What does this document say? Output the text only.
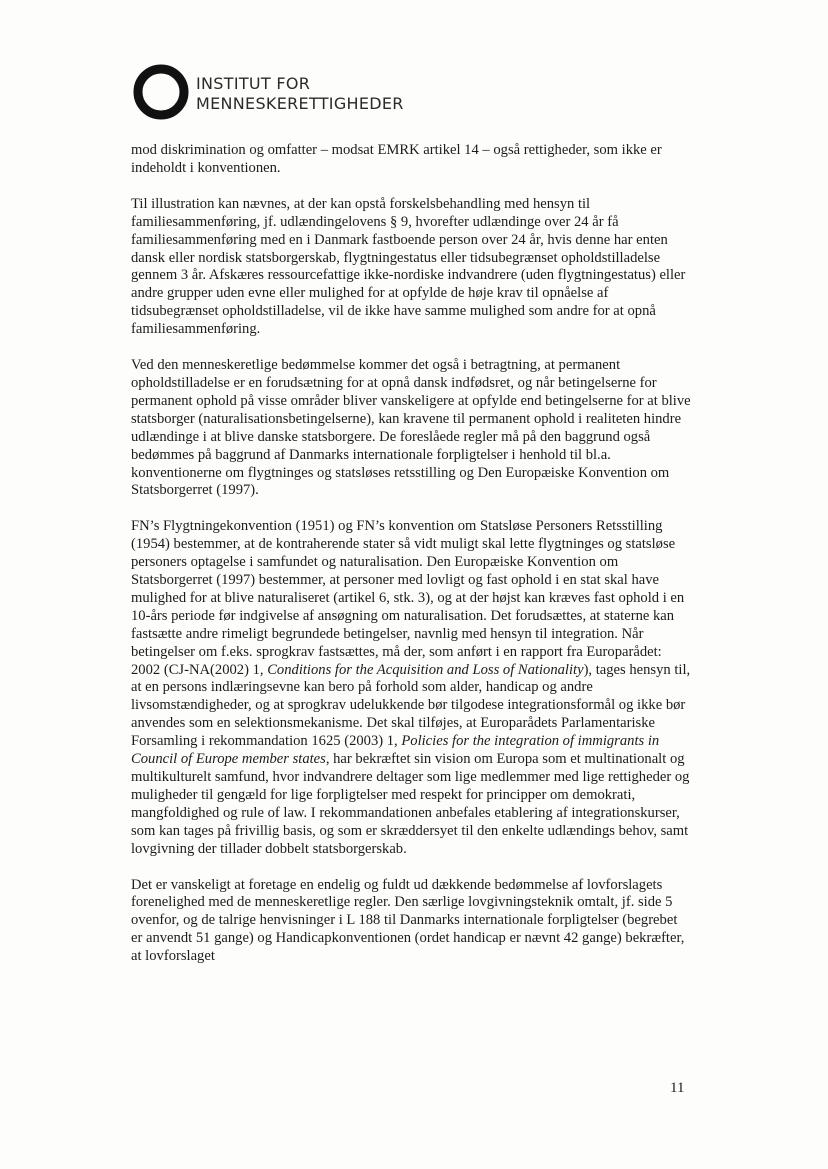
INSTITUT FOR
MENNESKERETTIGHEDER

mod diskrimination og omfatter – modsat EMRK artikel 14 – også rettigheder, som ikke er indeholdt i konventionen.

Til illustration kan nævnes, at der kan opstå forskelsbehandling med hensyn til familiesammenføring, jf. udlændingelovens § 9, hvorefter udlændinge over 24 år få familiesammenføring med en i Danmark fastboende person over 24 år, hvis denne har enten dansk eller nordisk statsborgerskab, flygtningestatus eller tidsubegrænset opholdstilladelse gennem 3 år. Afskæres ressourcefattige ikke-nordiske indvandrere (uden flygtningestatus) eller andre grupper uden evne eller mulighed for at opfylde de høje krav til opnåelse af tidsubegrænset opholdstilladelse, vil de ikke have samme mulighed som andre for at opnå familiesammenføring.

Ved den menneskeretlige bedømmelse kommer det også i betragtning, at permanent opholdstilladelse er en forudsætning for at opnå dansk indfødsret, og når betingelserne for permanent ophold på visse områder bliver vanskeligere at opfylde end betingelserne for at blive statsborger (naturalisationsbetingelserne), kan kravene til permanent ophold i realiteten hindre udlændinge i at blive danske statsborgere. De foreslåede regler må på den baggrund også bedømmes på baggrund af Danmarks internationale forpligtelser i henhold til bl.a. konventionerne om flygtninges og statsløses retsstilling og Den Europæiske Konvention om Statsborgerret (1997).

FN’s Flygtningekonvention (1951) og FN’s konvention om Statsløse Personers Retsstilling (1954) bestemmer, at de kontraherende stater så vidt muligt skal lette flygtninges og statsløse personers optagelse i samfundet og naturalisation. Den Europæiske Konvention om Statsborgerret (1997) bestemmer, at personer med lovligt og fast ophold i en stat skal have mulighed for at blive naturaliseret (artikel 6, stk. 3), og at der højst kan kræves fast ophold i en 10-års periode før indgivelse af ansøgning om naturalisation. Det forudsættes, at staterne kan fastsætte andre rimeligt begrundede betingelser, navnlig med hensyn til integration. Når betingelser om f.eks. sprogkrav fastsættes, må der, som anført i en rapport fra Europarådet: 2002 (CJ-NA(2002) 1, Conditions for the Acquisition and Loss of Nationality), tages hensyn til, at en persons indlæringsevne kan bero på forhold som alder, handicap og andre livsomstændigheder, og at sprogkrav udelukkende bør tilgodese integrationsformål og ikke bør anvendes som en selektionsmekanisme. Det skal tilføjes, at Europarådets Parlamentariske Forsamling i rekommandation 1625 (2003) 1, Policies for the integration of immigrants in Council of Europe member states, har bekræftet sin vision om Europa som et multinationalt og multikulturelt samfund, hvor indvandrere deltager som lige medlemmer med lige rettigheder og muligheder til gengæld for lige forpligtelser med respekt for principper om demokrati, mangfoldighed og rule of law. I rekommandationen anbefales etablering af integrationskurser, som kan tages på frivillig basis, og som er skræddersyet til den enkelte udlændings behov, samt lovgivning der tillader dobbelt statsborgerskab.

Det er vanskeligt at foretage en endelig og fuldt ud dækkende bedømmelse af lovforslagets forenelighed med de menneskeretlige regler. Den særlige lovgivningsteknik omtalt, jf. side 5 ovenfor, og de talrige henvisninger i L 188 til Danmarks internationale forpligtelser (begrebet er anvendt 51 gange) og Handicapkonventionen (ordet handicap er nævnt 42 gange) bekræfter, at lovforslaget

11
